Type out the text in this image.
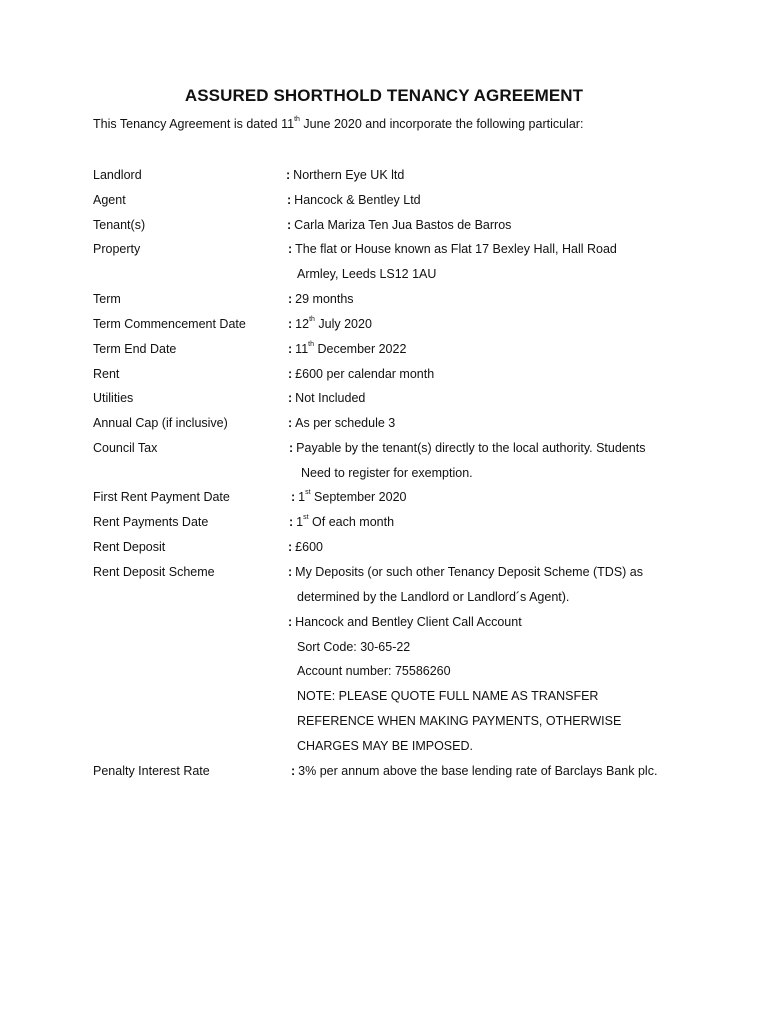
ASSURED SHORTHOLD TENANCY AGREEMENT
This Tenancy Agreement is dated 11th June 2020 and incorporate the following particular:
Landlord	: Northern Eye UK ltd
Agent	: Hancock & Bentley Ltd
Tenant(s)	: Carla Mariza Ten Jua Bastos de Barros
Property	: The flat or House known as Flat 17 Bexley Hall, Hall Road
Armley, Leeds LS12 1AU
Term	: 29 months
Term Commencement Date	: 12th July 2020
Term End Date	: 11th December 2022
Rent	: £600 per calendar month
Utilities	: Not Included
Annual Cap (if inclusive)	: As per schedule 3
Council Tax	: Payable by the tenant(s) directly to the local authority. Students
Need to register for exemption.
First Rent Payment Date	: 1st September 2020
Rent Payments Date	: 1st Of each month
Rent Deposit	: £600
Rent Deposit Scheme	: My Deposits (or such other Tenancy Deposit Scheme (TDS) as
determined by the Landlord or Landlord´s Agent).
: Hancock and Bentley Client Call Account
Sort Code: 30-65-22
Account number: 75586260
NOTE: PLEASE QUOTE FULL NAME AS TRANSFER
REFERENCE WHEN MAKING PAYMENTS, OTHERWISE
CHARGES MAY BE IMPOSED.
Penalty Interest Rate	: 3% per annum above the base lending rate of Barclays Bank plc.
